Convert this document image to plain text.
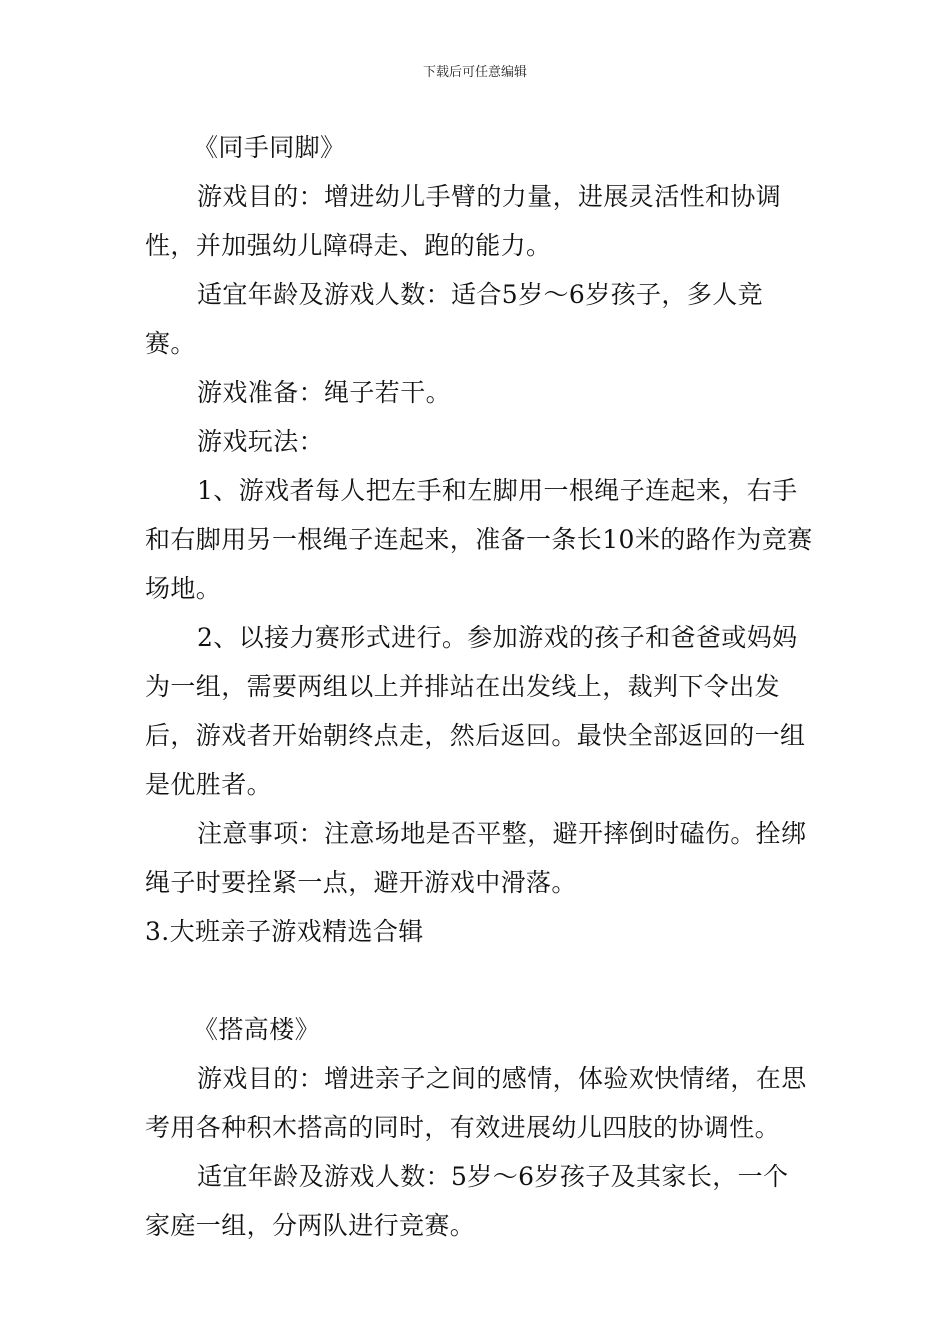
下载后可任意编辑

《同手同脚》

游戏目的：增进幼儿手臂的力量，进展灵活性和协调性，并加强幼儿障碍走、跑的能力。

适宜年龄及游戏人数：适合5岁～6岁孩子，多人竞赛。

游戏准备：绳子若干。

游戏玩法：

1、游戏者每人把左手和左脚用一根绳子连起来，右手和右脚用另一根绳子连起来，准备一条长10米的路作为竞赛场地。

2、以接力赛形式进行。参加游戏的孩子和爸爸或妈妈为一组，需要两组以上并排站在出发线上，裁判下令出发后，游戏者开始朝终点走，然后返回。最快全部返回的一组是优胜者。

注意事项：注意场地是否平整，避开摔倒时磕伤。拴绑绳子时要拴紧一点，避开游戏中滑落。

3.大班亲子游戏精选合辑

《搭高楼》

游戏目的：增进亲子之间的感情，体验欢快情绪，在思考用各种积木搭高的同时，有效进展幼儿四肢的协调性。

适宜年龄及游戏人数：5岁～6岁孩子及其家长，一个家庭一组，分两队进行竞赛。
